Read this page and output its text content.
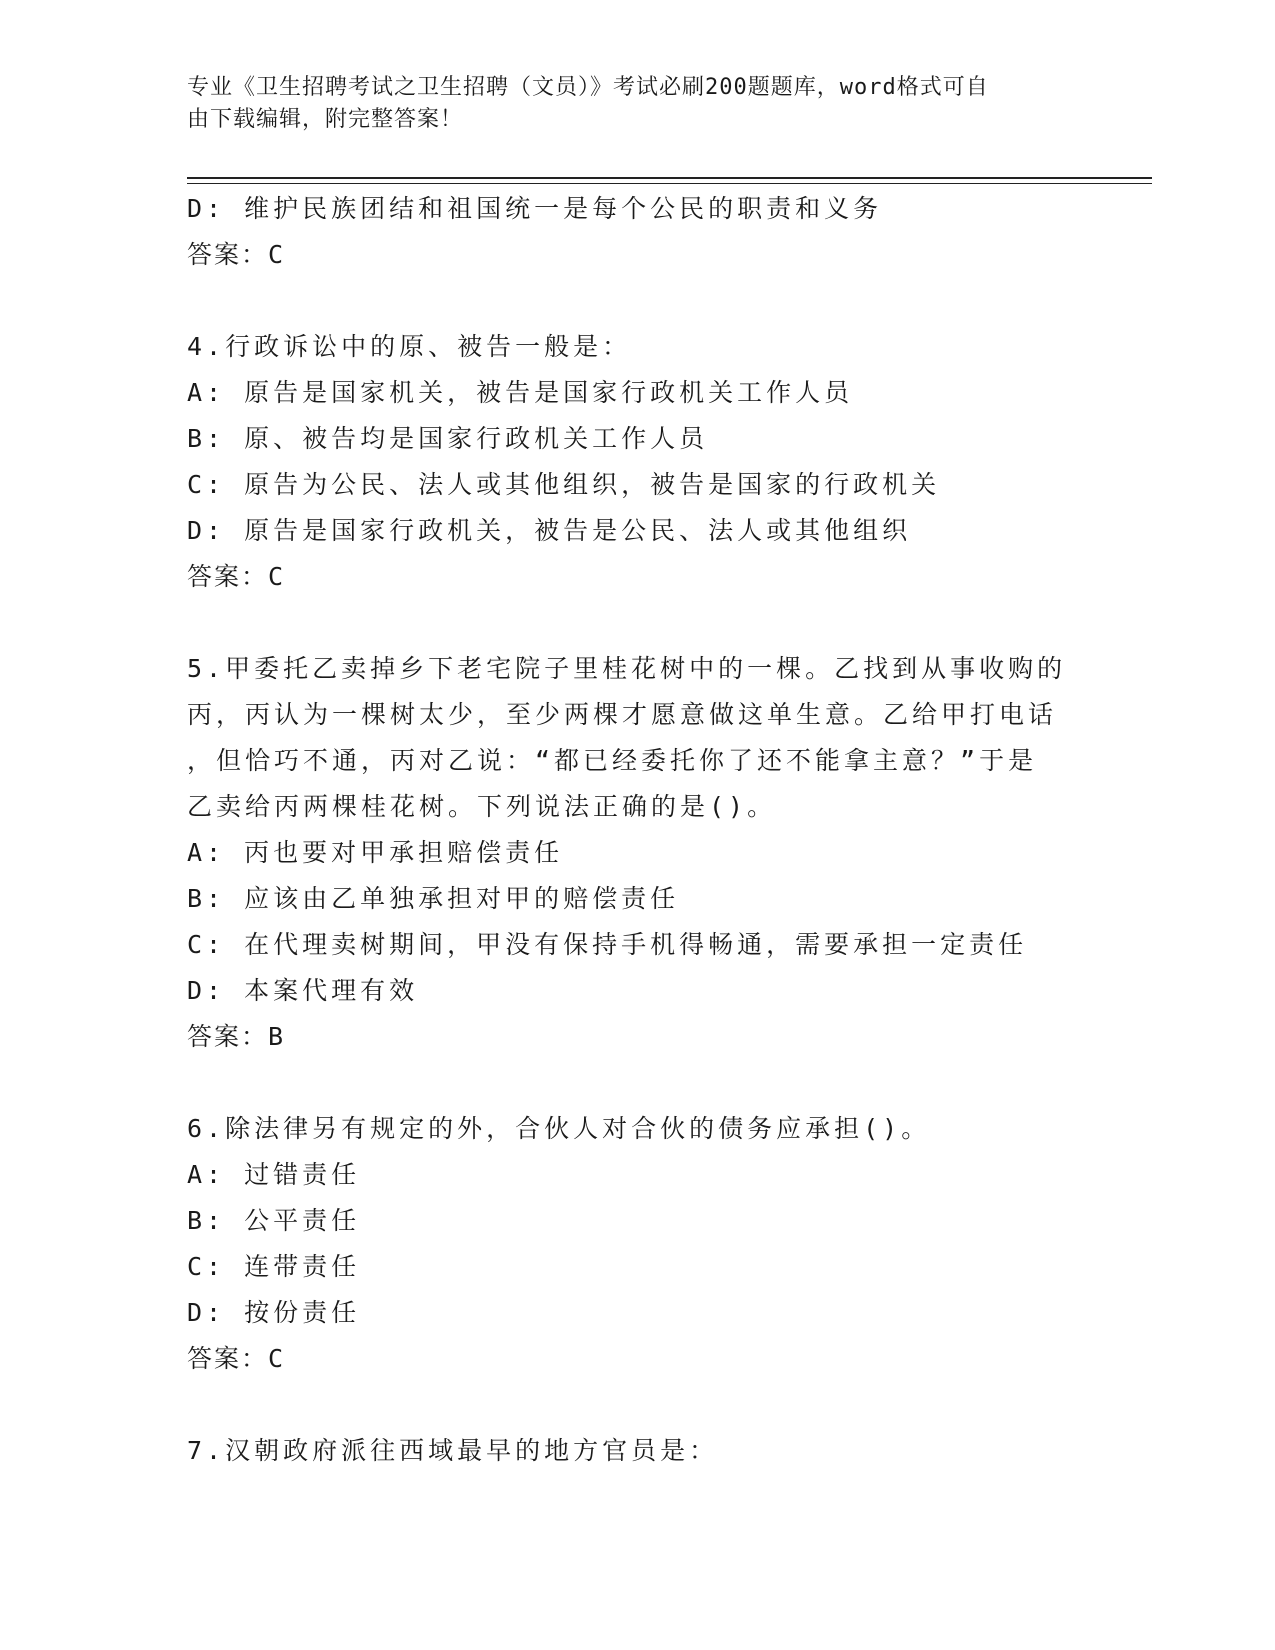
专业《卫生招聘考试之卫生招聘（文员）》考试必刷200题题库，word格式可自
由下载编辑，附完整答案！
D: 维护民族团结和祖国统一是每个公民的职责和义务
答案：C
4.行政诉讼中的原、被告一般是：
A: 原告是国家机关，被告是国家行政机关工作人员
B: 原、被告均是国家行政机关工作人员
C: 原告为公民、法人或其他组织，被告是国家的行政机关
D: 原告是国家行政机关，被告是公民、法人或其他组织
答案：C
5.甲委托乙卖掉乡下老宅院子里桂花树中的一棵。乙找到从事收购的
丙，丙认为一棵树太少，至少两棵才愿意做这单生意。乙给甲打电话
，但恰巧不通，丙对乙说：“都已经委托你了还不能拿主意？”于是
乙卖给丙两棵桂花树。下列说法正确的是()。
A: 丙也要对甲承担赔偿责任
B: 应该由乙单独承担对甲的赔偿责任
C: 在代理卖树期间，甲没有保持手机得畅通，需要承担一定责任
D: 本案代理有效
答案：B
6.除法律另有规定的外，合伙人对合伙的债务应承担()。
A: 过错责任
B: 公平责任
C: 连带责任
D: 按份责任
答案：C
7.汉朝政府派往西域最早的地方官员是：
